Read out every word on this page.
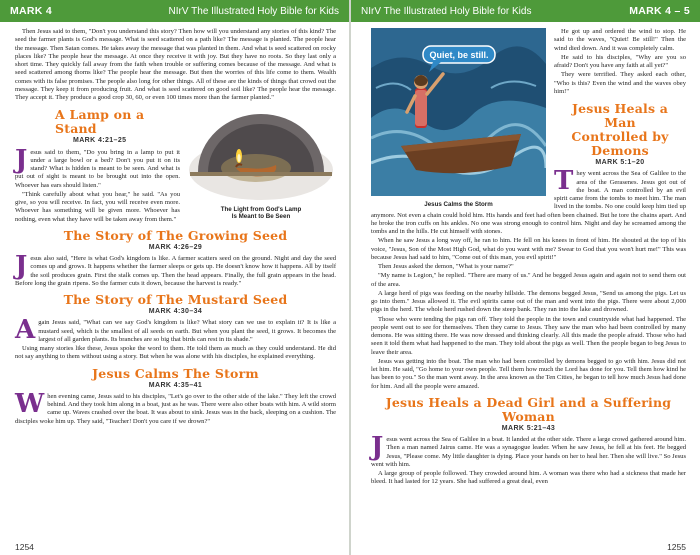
MARK 4	NIrV The Illustrated Holy Bible for Kids

Then Jesus said to them, "Don't you understand this story? Then how will you understand any stories of this kind? The seed the farmer plants is God's message. What is seed scattered on a path like? The message is planted. The people hear the message. Then Satan comes. He takes away the message that was planted in them. And what is seed scattered on rocky places like? The people hear the message. At once they receive it with joy. But they have no roots. So they last only a short time. They quickly fall away from the faith when trouble or suffering comes because of the message. And what is seed scattered among thorns like? The people hear the message. But then the worries of this life come to them. Wealth comes with its false promises. The people also long for other things. All of these are the kinds of things that crowd out the message. They keep it from producing fruit. And what is seed scattered on good soil like? The people hear the message. They accept it. They produce a good crop 30, 60, or even 100 times more than the farmer planted."

The Light from God's Lamp
Is Meant to Be Seen
A Lamp on a Stand
MARK 4:21–25

Jesus said to them, "Do you bring in a lamp to put it under a large bowl or a bed? Don't you put it on its stand? What is hidden is meant to be seen. And what is put out of sight is meant to be brought out into the open. Whoever has ears should listen."

"Think carefully about what you hear," he said. "As you give, so you will receive. In fact, you will receive even more. Whoever has something will be given more. Whoever has nothing, even what they have will be taken away from them."

The Story of The Growing Seed
MARK 4:26–29

Jesus also said, "Here is what God's kingdom is like. A farmer scatters seed on the ground. Night and day the seed comes up and grows. It happens whether the farmer sleeps or gets up. He doesn't know how it happens. All by itself the soil produces grain. First the stalk comes up. Then the head appears. Finally, the full grain appears in the head. Before long the grain ripens. So the farmer cuts it down, because the harvest is ready."

The Story of The Mustard Seed
MARK 4:30–34

Again Jesus said, "What can we say God's kingdom is like? What story can we use to explain it? It is like a mustard seed, which is the smallest of all seeds on earth. But when you plant the seed, it grows. It becomes the largest of all garden plants. Its branches are so big that birds can rest in its shade."

Using many stories like these, Jesus spoke the word to them. He told them as much as they could understand. He did not say anything to them without using a story. But when he was alone with his disciples, he explained everything.

Jesus Calms The Storm
MARK 4:35–41

When evening came, Jesus said to his disciples, "Let's go over to the other side of the lake." They left the crowd behind. And they took him along in a boat, just as he was. There were also other boats with him. A wild storm came up. Waves crashed over the boat. It was about to sink. Jesus was in the back, sleeping on a cushion. The disciples woke him up. They said, "Teacher! Don't you care if we drown?"

1254
NIrV The Illustrated Holy Bible for Kids	MARK 4 – 5
Quiet, be still.
Jesus Calms the Storm

He got up and ordered the wind to stop. He said to the waves, "Quiet! Be still!" Then the wind died down. And it was completely calm.

He said to his disciples, "Why are you so afraid? Don't you have any faith at all yet?"

They were terrified. They asked each other, "Who is this? Even the wind and the waves obey him!"

Jesus Heals a Man
Controlled by Demons
MARK 5:1–20

They went across the Sea of Galilee to the area of the Gerasenes. Jesus got out of the boat. A man controlled by an evil spirit came from the tombs to meet him. The man lived in the tombs. No one could keep him tied up anymore. Not even a chain could hold him. His hands and feet had often been chained. But he tore the chains apart. And he broke the iron cuffs on his ankles. No one was strong enough to control him. Night and day he screamed among the tombs and in the hills. He cut himself with stones.

When he saw Jesus a long way off, he ran to him. He fell on his knees in front of him. He shouted at the top of his voice, "Jesus, Son of the Most High God, what do you want with me? Swear to God that you won't hurt me!" This was because Jesus had said to him, "Come out of this man, you evil spirit!"

Then Jesus asked the demon, "What is your name?"

"My name is Legion," he replied. "There are many of us." And he begged Jesus again and again not to send them out of the area.

A large herd of pigs was feeding on the nearby hillside. The demons begged Jesus, "Send us among the pigs. Let us go into them." Jesus allowed it. The evil spirits came out of the man and went into the pigs. There were about 2,000 pigs in the herd. The whole herd rushed down the steep bank. They ran into the lake and drowned.

Those who were tending the pigs ran off. They told the people in the town and countryside what had happened. The people went out to see for themselves. Then they came to Jesus. They saw the man who had been controlled by many demons. He was sitting there. He was now dressed and thinking clearly. All this made the people afraid. Those who had seen it told them what had happened to the man. They told about the pigs as well. Then the people began to beg Jesus to leave their area.

Jesus was getting into the boat. The man who had been controlled by demons begged to go with him. Jesus did not let him. He said, "Go home to your own people. Tell them how much the Lord has done for you. Tell them how kind he has been to you." So the man went away. In the area known as the Ten Cities, he began to tell how much Jesus had done for him. And all the people were amazed.

Jesus Heals a Dead Girl and a Suffering Woman
MARK 5:21–43

Jesus went across the Sea of Galilee in a boat. It landed at the other side. There a large crowd gathered around him. Then a man named Jairus came. He was a synagogue leader. When he saw Jesus, he fell at his feet. He begged Jesus, "Please come. My little daughter is dying. Place your hands on her to heal her. Then she will live." So Jesus went with him.

A large group of people followed. They crowded around him. A woman was there who had a sickness that made her bleed. It had lasted for 12 years. She had suffered a great deal, even

1255
